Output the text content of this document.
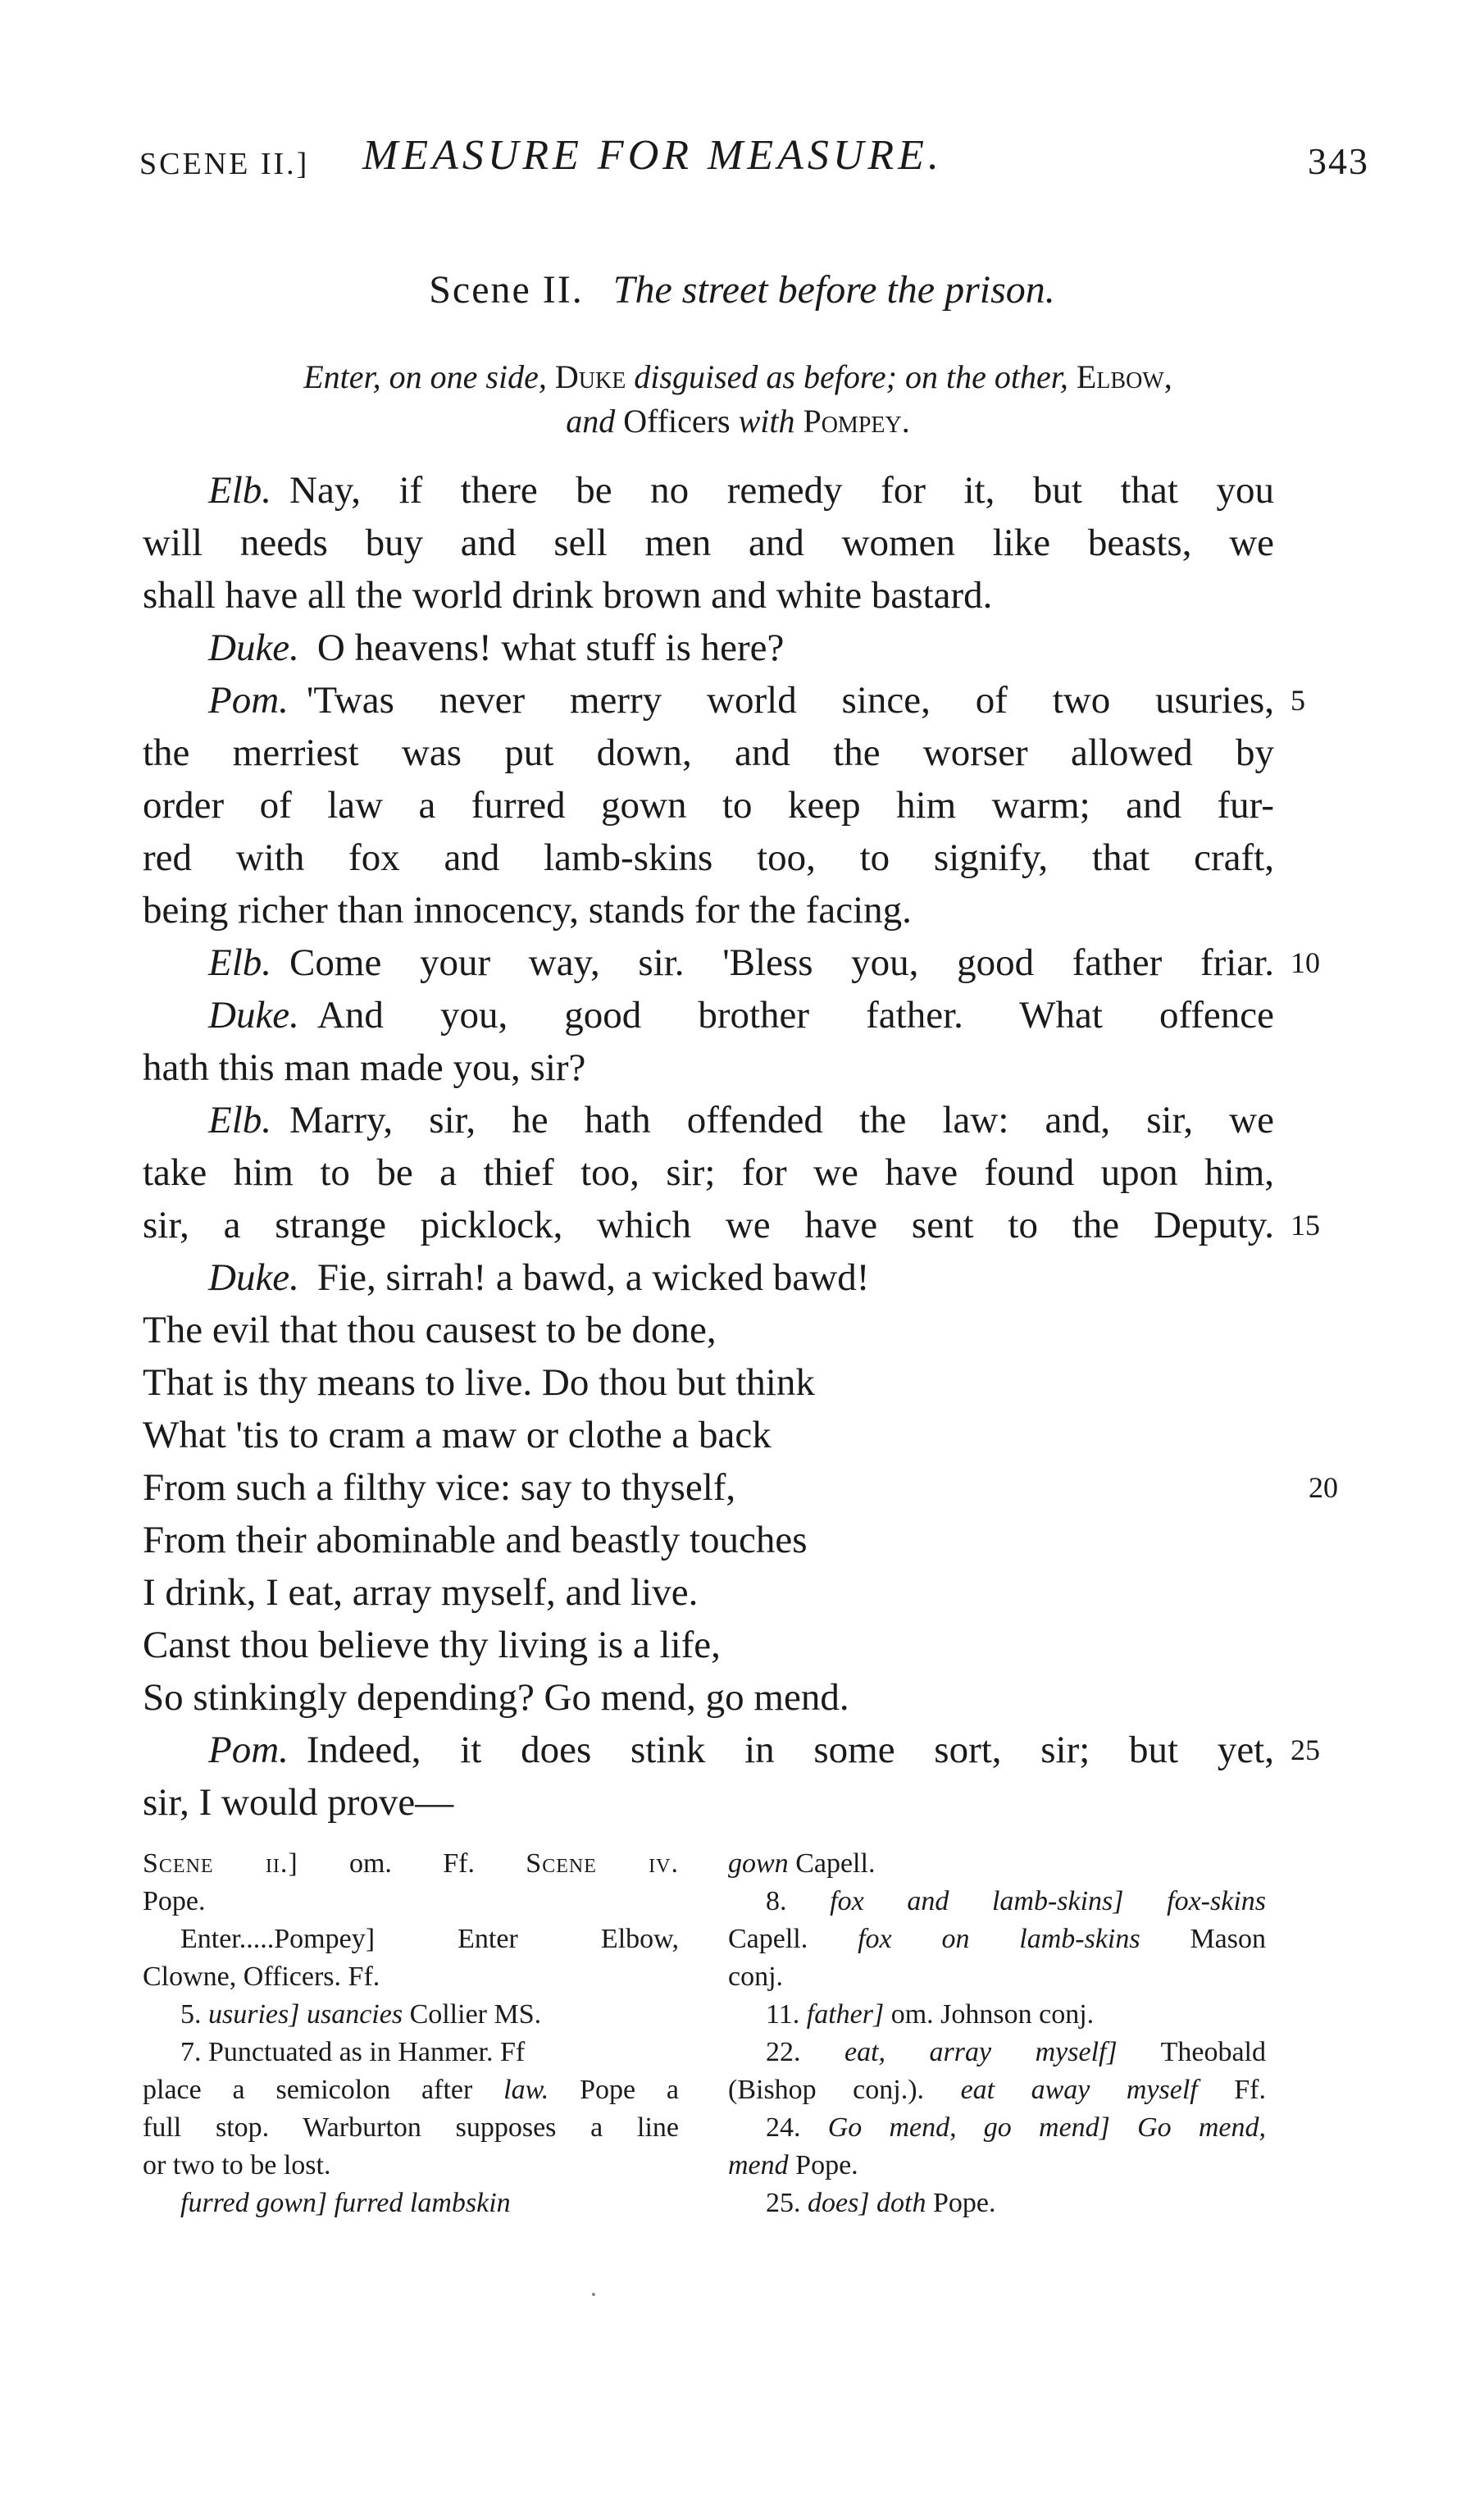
SCENE II.] MEASURE FOR MEASURE.	343
Scene II. The street before the prison.
Enter, on one side, Duke disguised as before; on the other, Elbow,
and Officers with Pompey.
Elb. Nay, if there be no remedy for it, but that you
will needs buy and sell men and women like beasts, we
shall have all the world drink brown and white bastard.
Duke. O heavens! what stuff is here?
Pom. 'Twas never merry world since, of two usuries, 5
the merriest was put down, and the worser allowed by
order of law a furred gown to keep him warm; and fur-
red with fox and lamb-skins too, to signify, that craft,
being richer than innocency, stands for the facing.
Elb. Come your way, sir. 'Bless you, good father friar. 10
Duke. And you, good brother father. What offence
hath this man made you, sir?
Elb. Marry, sir, he hath offended the law: and, sir, we
take him to be a thief too, sir; for we have found upon him,
sir, a strange picklock, which we have sent to the Deputy. 15
Duke. Fie, sirrah! a bawd, a wicked bawd!
The evil that thou causest to be done,
That is thy means to live. Do thou but think
What 'tis to cram a maw or clothe a back
From such a filthy vice: say to thyself,	20
From their abominable and beastly touches
I drink, I eat, array myself, and live.
Canst thou believe thy living is a life,
So stinkingly depending? Go mend, go mend.
Pom. Indeed, it does stink in some sort, sir; but yet, 25
sir, I would prove—
Scene ii.] om. Ff. Scene iv.
Pope.
Enter.....Pompey] Enter Elbow,
Clowne, Officers. Ff.
5. usuries] usancies Collier MS.
7. Punctuated as in Hanmer. Ff
place a semicolon after law. Pope a
full stop. Warburton supposes a line
or two to be lost.
furred gown] furred lambskin
gown Capell.
8. fox and lamb-skins] fox-skins
Capell. fox on lamb-skins Mason
conj.
11. father] om. Johnson conj.
22. eat, array myself] Theobald
(Bishop conj.). eat away myself Ff.
24. Go mend, go mend] Go mend,
mend Pope.
25. does] doth Pope.
